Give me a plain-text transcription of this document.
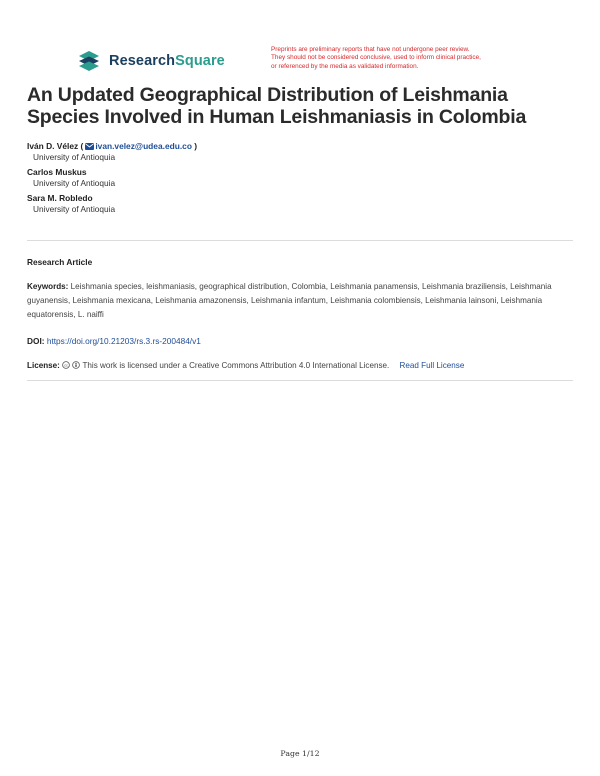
ResearchSquare
Preprints are preliminary reports that have not undergone peer review.
They should not be considered conclusive, used to inform clinical practice,
or referenced by the media as validated information.
An Updated Geographical Distribution of Leishmania Species Involved in Human Leishmaniasis in Colombia
Iván D. Vélez ( ivan.velez@udea.edu.co )
University of Antioquia
Carlos Muskus
University of Antioquia
Sara M. Robledo
University of Antioquia
Research Article
Keywords: Leishmania species, leishmaniasis, geographical distribution, Colombia, Leishmania panamensis, Leishmania braziliensis, Leishmania guyanensis, Leishmania mexicana, Leishmania amazonensis, Leishmania infantum, Leishmania colombiensis, Leishmania lainsoni, Leishmania equatorensis, L. naiffi
DOI: https://doi.org/10.21203/rs.3.rs-200484/v1
License: cc This work is licensed under a Creative Commons Attribution 4.0 International License. Read Full License
Page 1/12
